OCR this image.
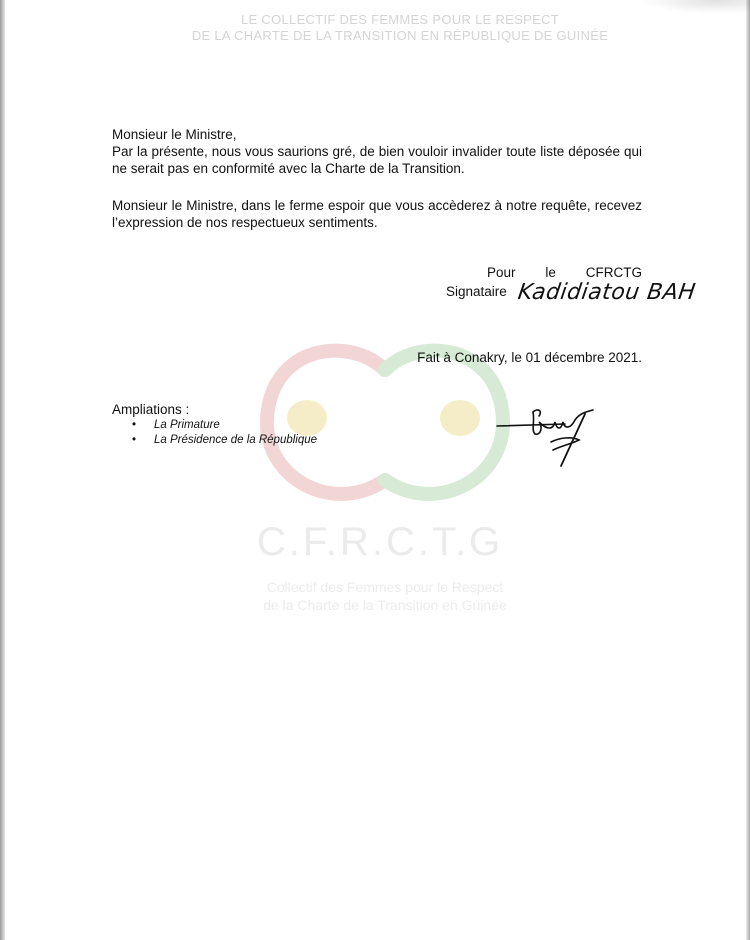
LE COLLECTIF DES FEMMES POUR LE RESPECT
DE LA CHARTE DE LA TRANSITION EN RÉPUBLIQUE DE GUINÉE
C.F.R.C.T.G
Collectif des Femmes pour le Respect
de la Charte de la Transition en Guinée
Monsieur le Ministre,

Par la présente, nous vous saurions gré, de bien vouloir invalider toute liste déposée qui ne serait pas en conformité avec la Charte de la Transition.

Monsieur le Ministre, dans le ferme espoir que vous accèderez à notre requête, recevez l’expression de nos respectueux sentiments.

Pour le CFRCTG
Signataire Kadidiatou BAH
Fait à Conakry, le 01 décembre 2021.
Ampliations :
• La Primature
• La Présidence de la République
